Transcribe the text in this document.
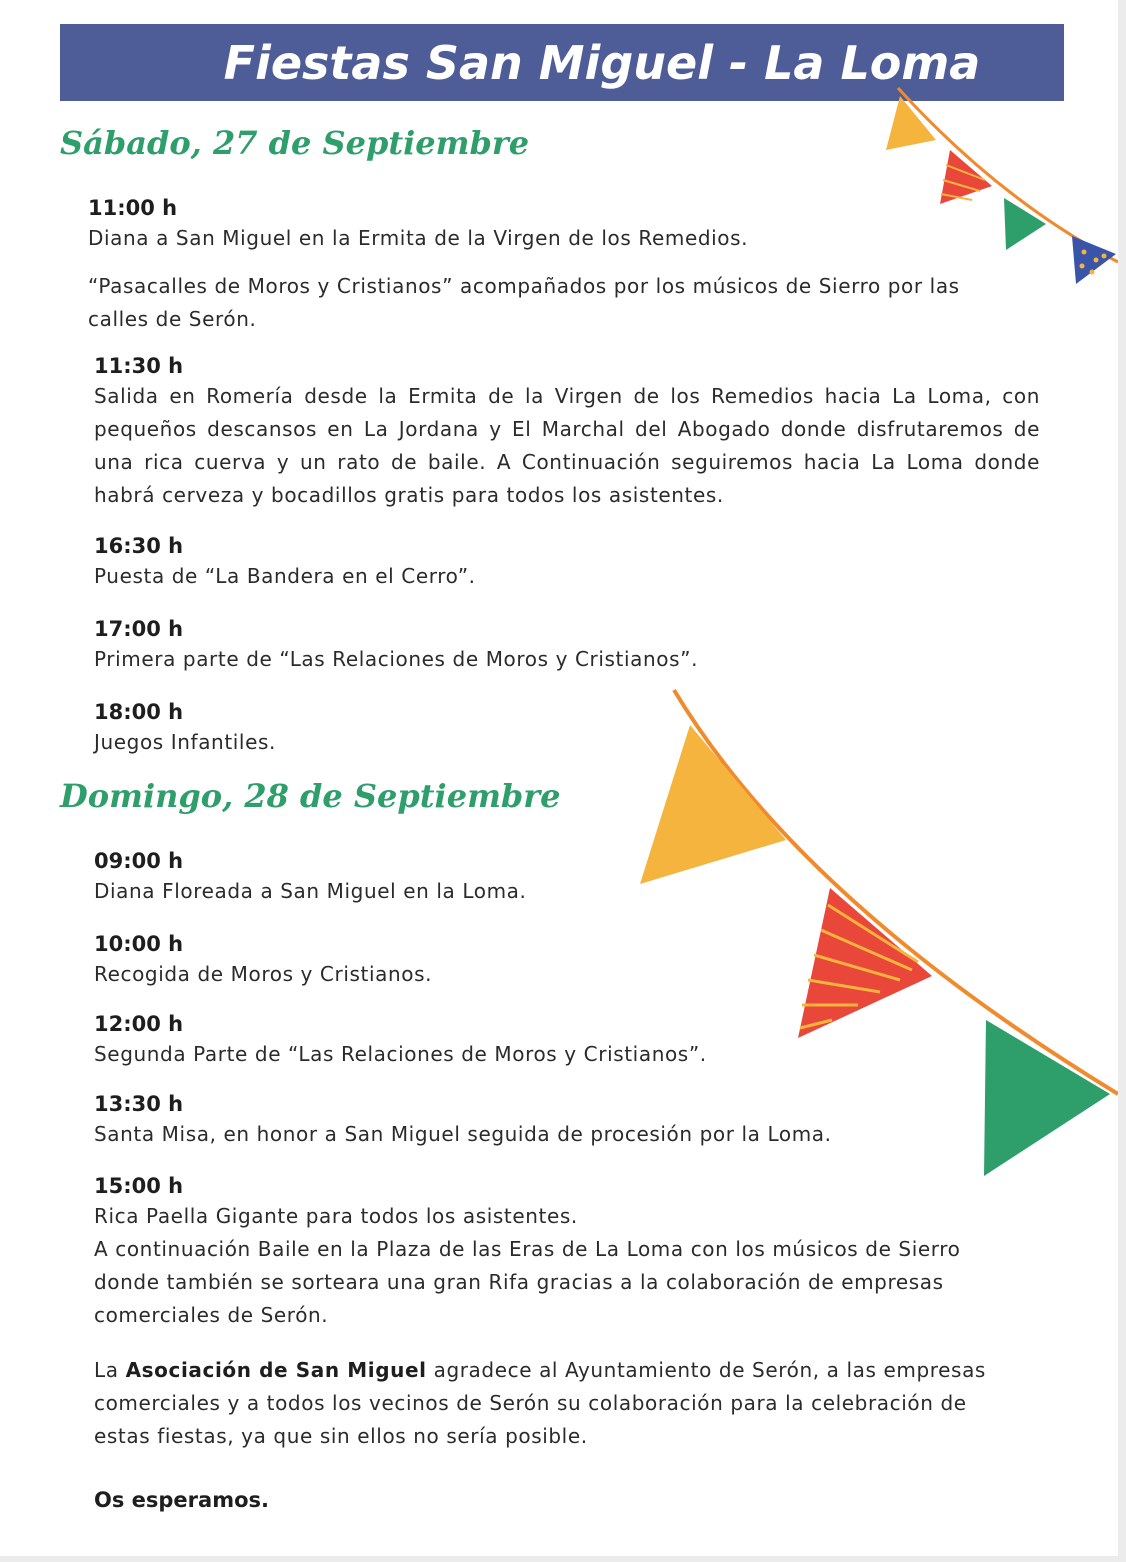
Fiestas San Miguel - La Loma
Sábado, 27 de Septiembre
11:00 h
Diana a San Miguel en la Ermita de la Virgen de los Remedios.
“Pasacalles de Moros y Cristianos” acompañados por los músicos de Sierro por las calles de Serón.
11:30 h
Salida en Romería desde la Ermita de la Virgen de los Remedios hacia La Loma, con pequeños descansos en La Jordana y El Marchal del Abogado donde disfrutaremos de una rica cuerva y un rato de baile. A Continuación seguiremos hacia La Loma donde habrá cerveza y bocadillos gratis para todos los asistentes.
16:30 h
Puesta de “La Bandera en el Cerro”.
17:00 h
Primera parte de “Las Relaciones de Moros y Cristianos”.
18:00 h
Juegos Infantiles.
Domingo, 28 de Septiembre
09:00 h
Diana Floreada a San Miguel en la Loma.
10:00 h
Recogida de Moros y Cristianos.
12:00 h
Segunda Parte de “Las Relaciones de Moros y Cristianos”.
13:30 h
Santa Misa, en honor a San Miguel seguida de procesión por la Loma.
15:00 h
Rica Paella Gigante para todos los asistentes.
A continuación Baile en la Plaza de las Eras de La Loma con los músicos de Sierro donde también se sorteara una gran Rifa gracias a la colaboración de empresas comerciales de Serón.
La Asociación de San Miguel agradece al Ayuntamiento de Serón, a las empresas comerciales y a todos los vecinos de Serón su colaboración para la celebración de estas fiestas, ya que sin ellos no sería posible.
Os esperamos.
